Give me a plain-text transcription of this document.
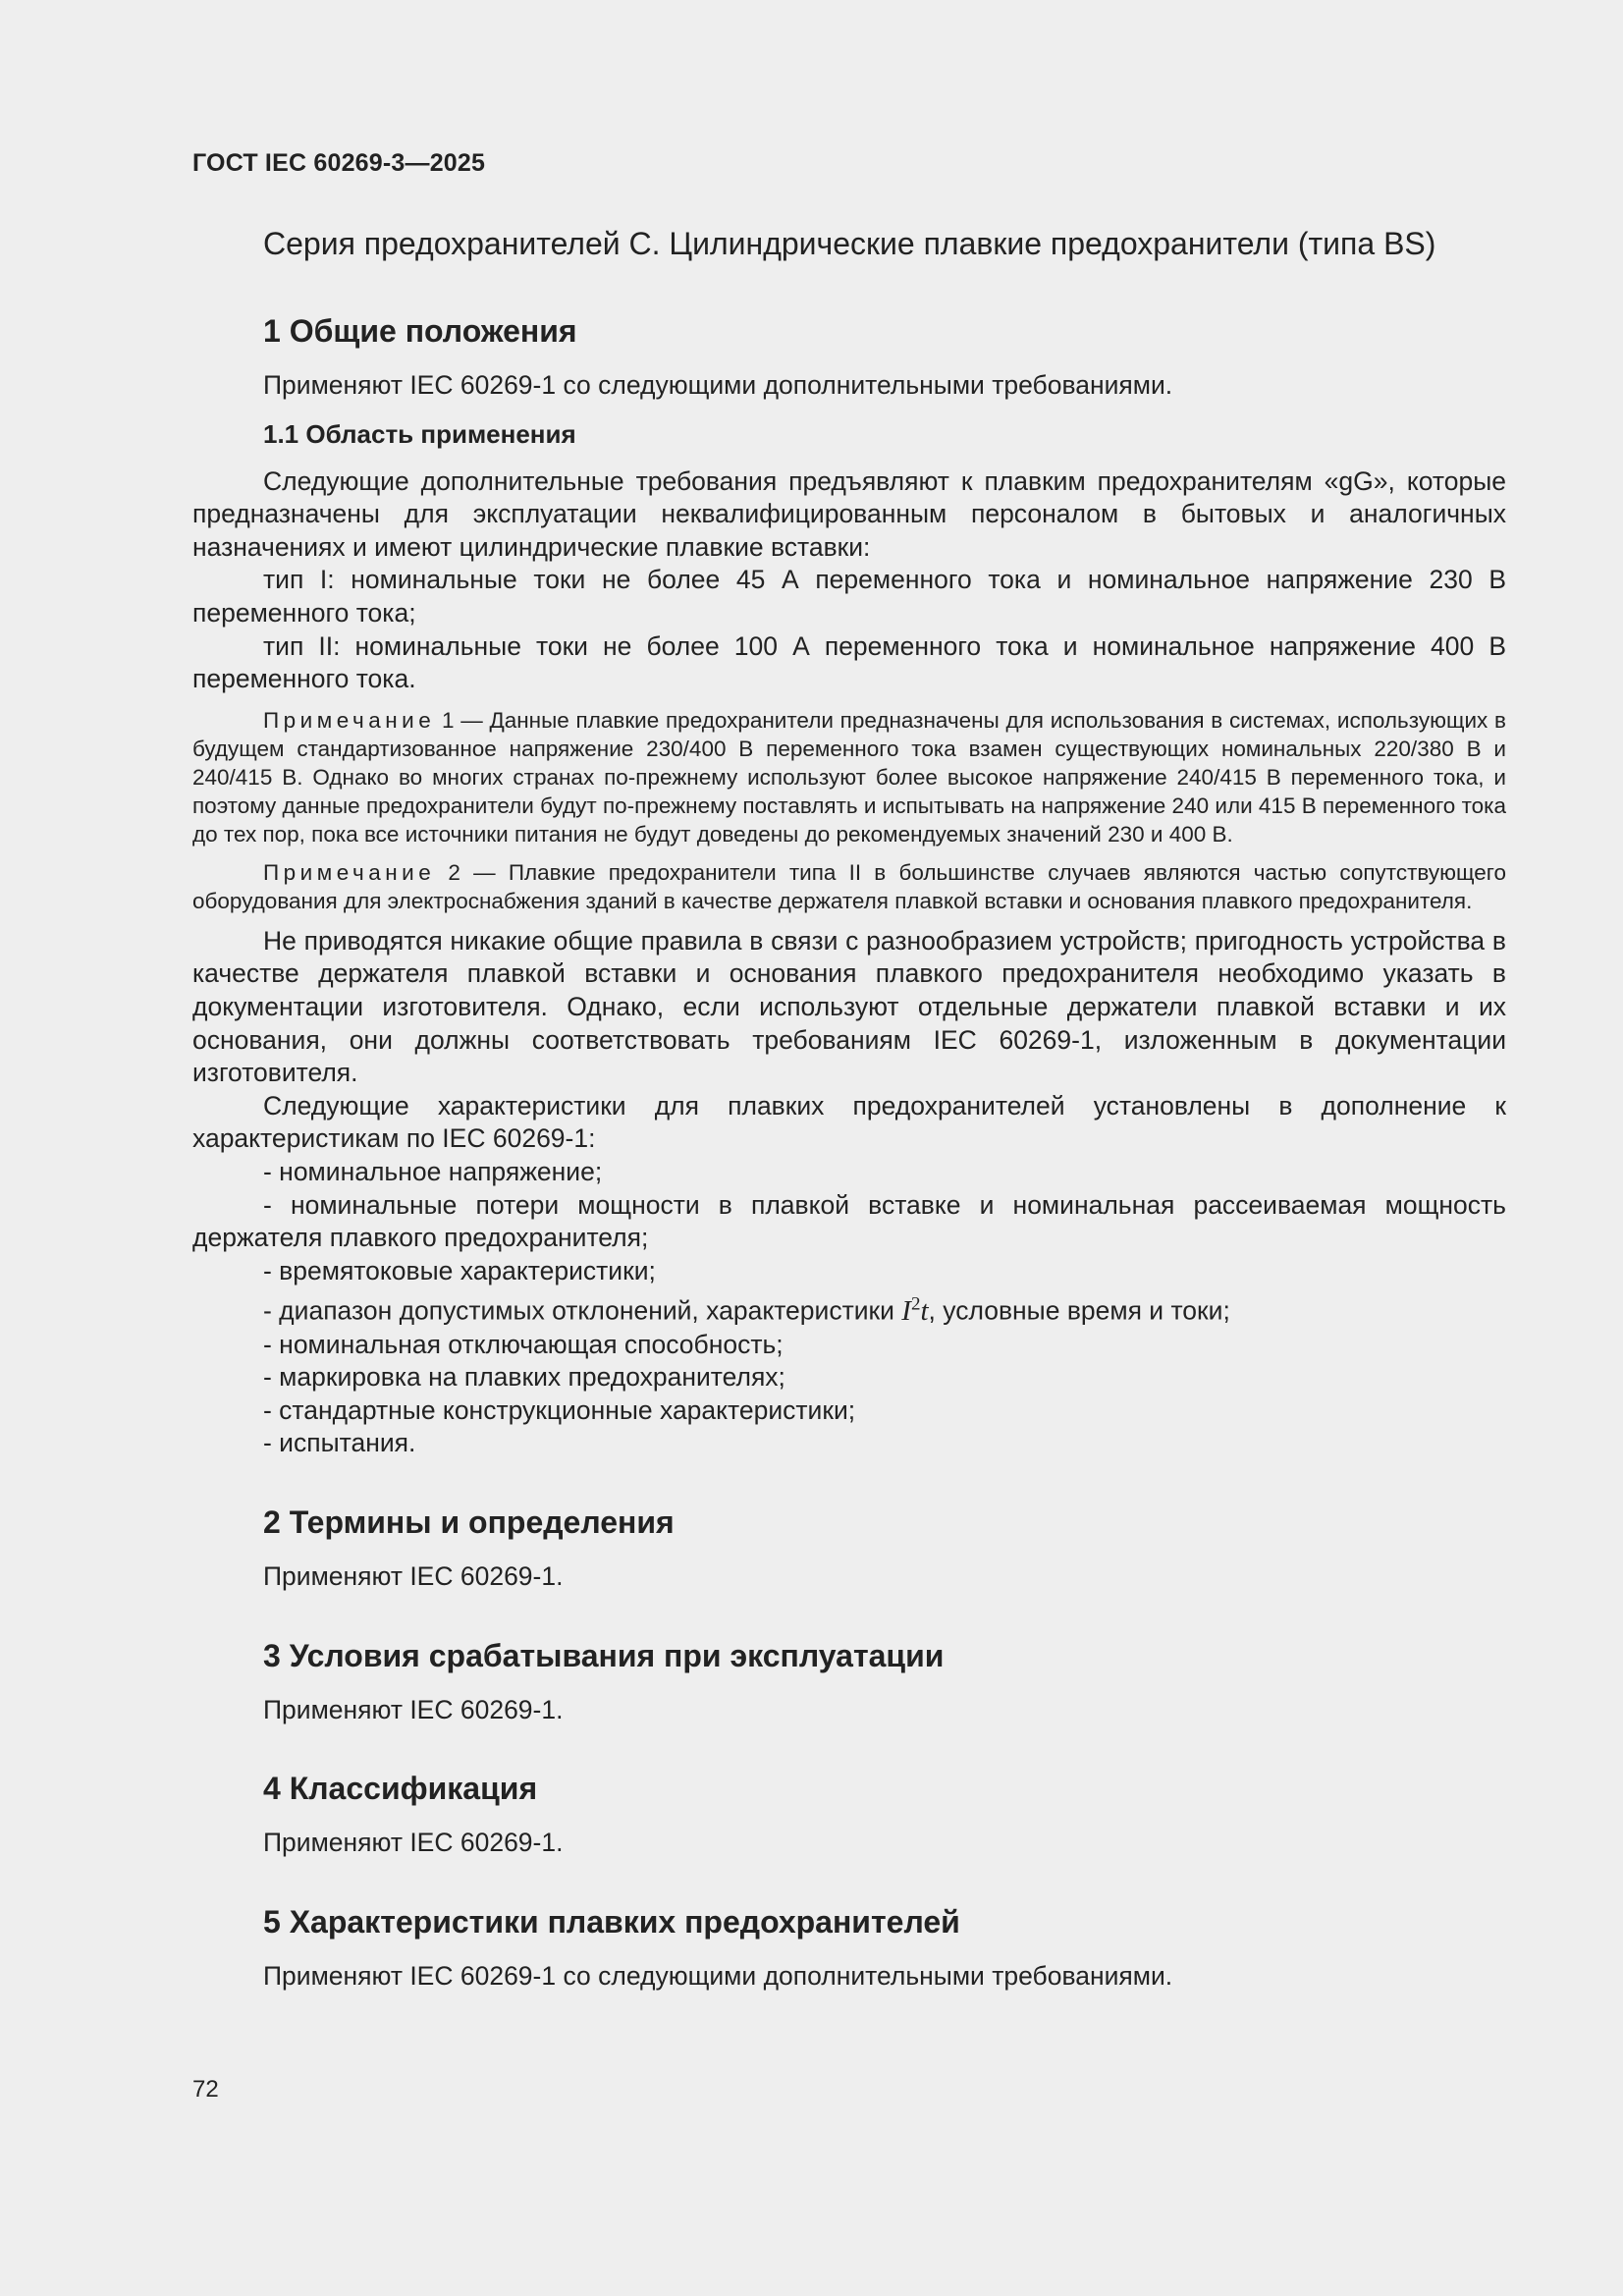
ГОСТ IEC 60269-3—2025
Серия предохранителей C. Цилиндрические плавкие предохранители (типа BS)
1 Общие положения

Применяют IEC 60269-1 со следующими дополнительными требованиями.

1.1 Область применения

Следующие дополнительные требования предъявляют к плавким предохранителям «gG», которые предназначены для эксплуатации неквалифицированным персоналом в бытовых и аналогичных назначениях и имеют цилиндрические плавкие вставки:

тип I: номинальные токи не более 45 А переменного тока и номинальное напряжение 230 В переменного тока;

тип II: номинальные токи не более 100 А переменного тока и номинальное напряжение 400 В переменного тока.

Примечание 1 — Данные плавкие предохранители предназначены для использования в системах, использующих в будущем стандартизованное напряжение 230/400 В переменного тока взамен существующих номинальных 220/380 В и 240/415 В. Однако во многих странах по-прежнему используют более высокое напряжение 240/415 В переменного тока, и поэтому данные предохранители будут по-прежнему поставлять и испытывать на напряжение 240 или 415 В переменного тока до тех пор, пока все источники питания не будут доведены до рекомендуемых значений 230 и 400 В.

Примечание 2 — Плавкие предохранители типа II в большинстве случаев являются частью сопутствующего оборудования для электроснабжения зданий в качестве держателя плавкой вставки и основания плавкого предохранителя.

Не приводятся никакие общие правила в связи с разнообразием устройств; пригодность устройства в качестве держателя плавкой вставки и основания плавкого предохранителя необходимо указать в документации изготовителя. Однако, если используют отдельные держатели плавкой вставки и их основания, они должны соответствовать требованиям IEC 60269-1, изложенным в документации изготовителя.

Следующие характеристики для плавких предохранителей установлены в дополнение к характеристикам по IEC 60269-1:

- номинальное напряжение;
- номинальные потери мощности в плавкой вставке и номинальная рассеиваемая мощность держателя плавкого предохранителя;
- времятоковые характеристики;
- диапазон допустимых отклонений, характеристики $I^2t$, условные время и токи;
- номинальная отключающая способность;
- маркировка на плавких предохранителях;
- стандартные конструкционные характеристики;
- испытания.
2 Термины и определения

Применяют IEC 60269-1.

3 Условия срабатывания при эксплуатации

Применяют IEC 60269-1.

4 Классификация

Применяют IEC 60269-1.

5 Характеристики плавких предохранителей

Применяют IEC 60269-1 со следующими дополнительными требованиями.

72
